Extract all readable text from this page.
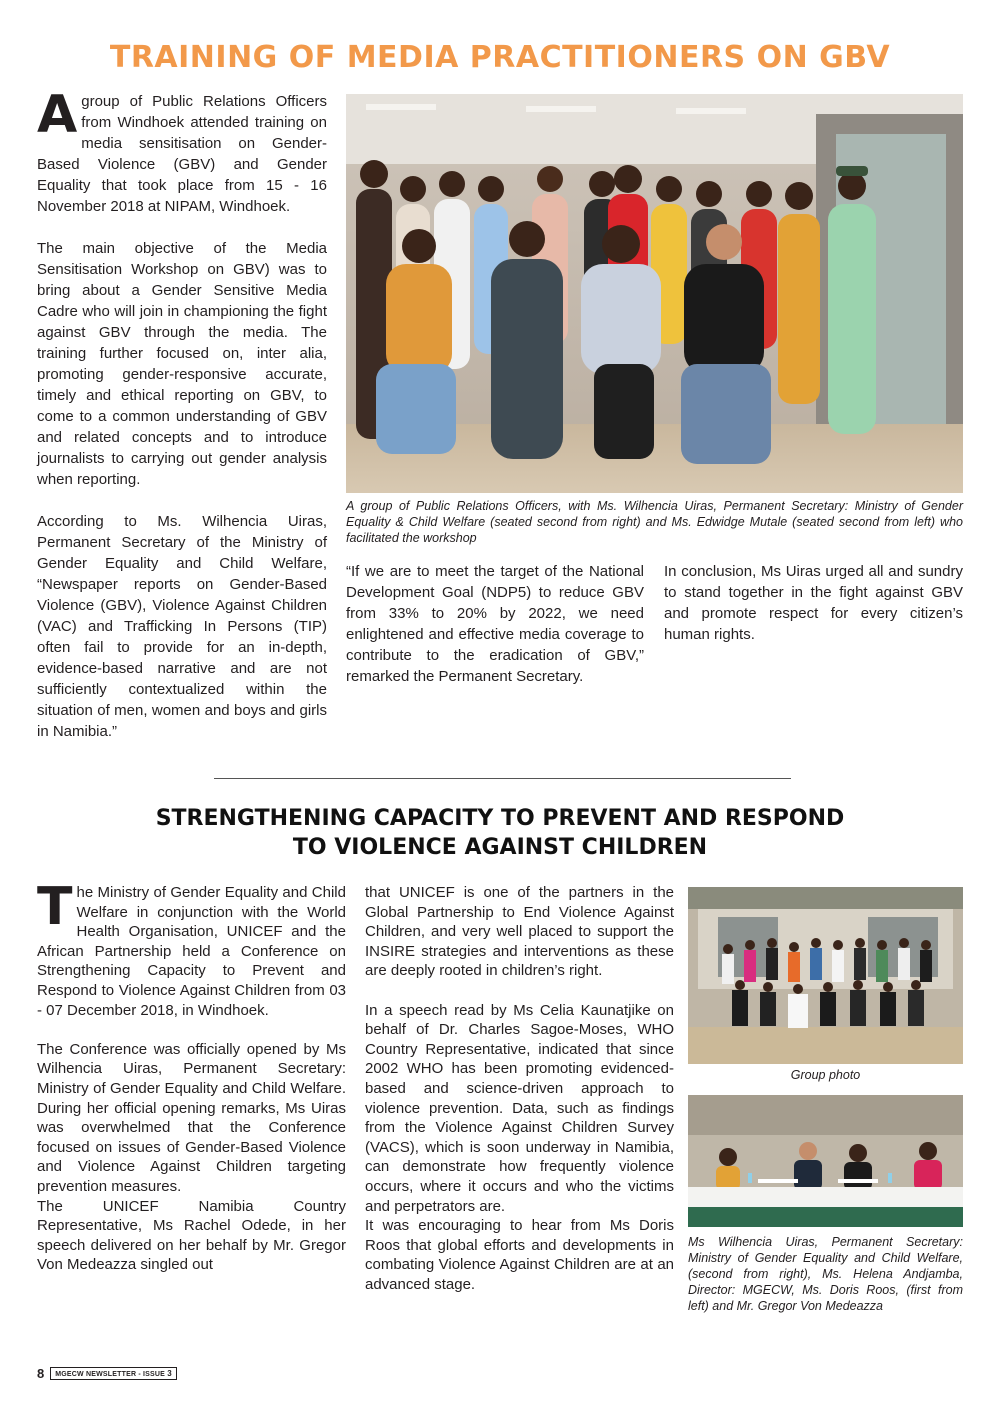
TRAINING OF MEDIA PRACTITIONERS ON GBV

Agroup of Public Relations Officers from Windhoek attended training on media sensitisation on Gender-Based Violence (GBV) and Gender Equality that took place from 15 - 16 November 2018 at NIPAM, Windhoek.

The main objective of the Media Sensitisation Workshop on GBV) was to bring about a Gender Sensitive Media Cadre who will join in championing the fight against GBV through the media. The training further focused on, inter alia, promoting gender-responsive accurate, timely and ethical reporting on GBV, to come to a common understanding of GBV and related concepts and to introduce journalists to carrying out gender analysis when reporting.

According to Ms. Wilhencia Uiras, Permanent Secretary of the Ministry of Gender Equality and Child Welfare, “Newspaper reports on Gender-Based Violence (GBV), Violence Against Children (VAC) and Trafficking In Persons (TIP) often fail to provide for an in-depth, evidence-based narrative and are not sufficiently contextualized within the situation of men, women and boys and girls in Namibia.”

A group of Public Relations Officers, with Ms. Wilhencia Uiras, Permanent Secretary: Ministry of Gender Equality & Child Welfare (seated second from right) and Ms. Edwidge Mutale (seated second from left) who facilitated the workshop

“If we are to meet the target of the National Development Goal (NDP5) to reduce GBV from 33% to 20% by 2022, we need enlightened and effective media coverage to contribute to the eradication of GBV,” remarked the Permanent Secretary.

In conclusion, Ms Uiras urged all and sundry to stand together in the fight against GBV and promote respect for every citizen’s human rights.

STRENGTHENING CAPACITY TO PREVENT AND RESPOND
TO VIOLENCE AGAINST CHILDREN

The Ministry of Gender Equality and Child Welfare in conjunction with the World Health Organisation, UNICEF and the African Partnership held a Conference on Strengthening Capacity to Prevent and Respond to Violence Against Children from 03 - 07 December 2018, in Windhoek.

The Conference was officially opened by Ms Wilhencia Uiras, Permanent Secretary: Ministry of Gender Equality and Child Welfare. During her official opening remarks, Ms Uiras was overwhelmed that the Conference focused on issues of Gender-Based Violence and Violence Against Children targeting prevention measures.

The UNICEF Namibia Country Representative, Ms Rachel Odede, in her speech delivered on her behalf by Mr. Gregor Von Medeazza singled out

that UNICEF is one of the partners in the Global Partnership to End Violence Against Children, and very well placed to support the INSIRE strategies and interventions as these are deeply rooted in children’s right.

In a speech read by Ms Celia Kaunatjike on behalf of Dr. Charles Sagoe-Moses, WHO Country Representative, indicated that since 2002 WHO has been promoting evidenced-based and science-driven approach to violence prevention. Data, such as findings from the Violence Against Children Survey (VACS), which is soon underway in Namibia, can demonstrate how frequently violence occurs, where it occurs and who the victims and perpetrators are.

It was encouraging to hear from Ms Doris Roos that global efforts and developments in combating Violence Against Children are at an advanced stage.

Group photo
Ms Wilhencia Uiras, Permanent Secretary: Ministry of Gender Equality and Child Welfare, (second from right), Ms. Helena Andjamba, Director: MGECW, Ms. Doris Roos, (first from left) and Mr. Gregor Von Medeazza
8	MGECW NEWSLETTER - ISSUE 3
